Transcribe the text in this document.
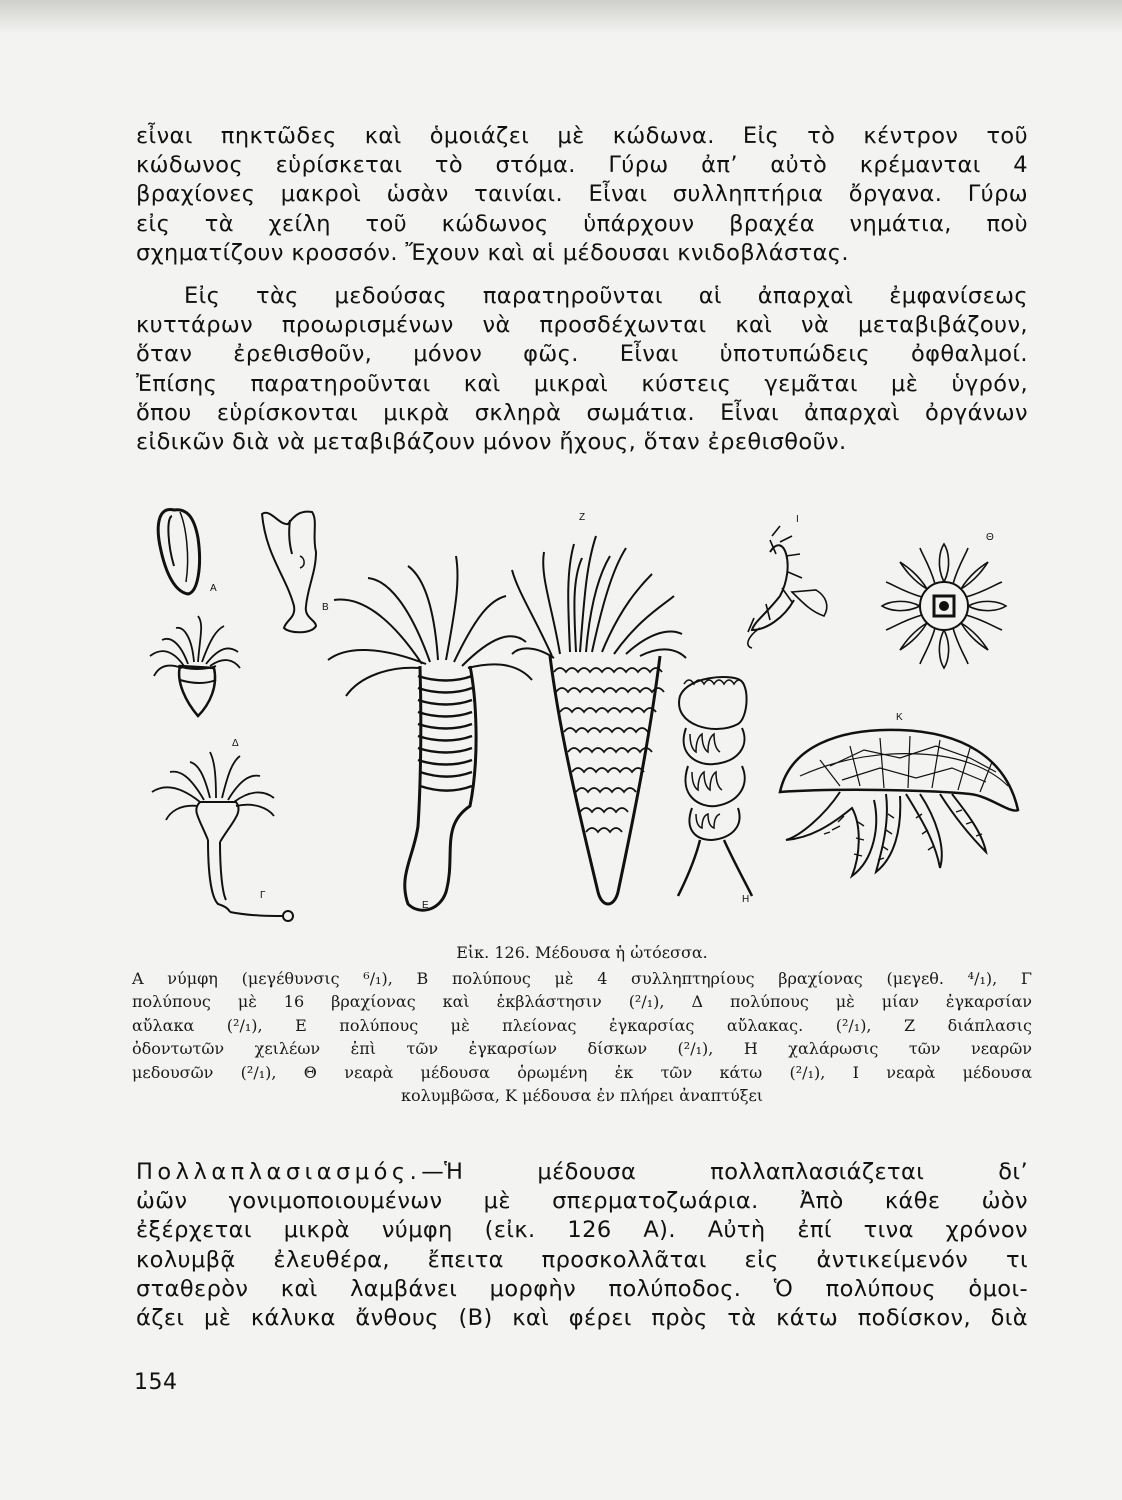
εἶναι πηκτῶδες καὶ ὁμοιάζει μὲ κώδωνα. Εἰς τὸ κέντρον τοῦ
κώδωνος εὑρίσκεται τὸ στόμα. Γύρω ἀπ’ αὐτὸ κρέμανται 4
βραχίονες μακροὶ ὡσὰν ταινίαι. Εἶναι συλληπτήρια ὄργανα. Γύρω
εἰς τὰ χείλη τοῦ κώδωνος ὑπάρχουν βραχέα νημάτια, ποὺ
σχηματίζουν κροσσόν. Ἔχουν καὶ αἱ μέδουσαι κνιδοβλάστας.
Εἰς τὰς μεδούσας παρατηροῦνται αἱ ἀπαρχαὶ ἐμφανίσεως
κυττάρων προωρισμένων νὰ προσδέχωνται καὶ νὰ μεταβιβάζουν,
ὅταν ἐρεθισθοῦν, μόνον φῶς. Εἶναι ὑποτυπώδεις ὀφθαλμοί.
Ἐπίσης παρατηροῦνται καὶ μικραὶ κύστεις γεμᾶται μὲ ὑγρόν,
ὅπου εὑρίσκονται μικρὰ σκληρὰ σωμάτια. Εἶναι ἀπαρχαὶ ὀργάνων
εἰδικῶν διὰ νὰ μεταβιβάζουν μόνον ἤχους, ὅταν ἐρεθισθοῦν.
Α
Β
Δ
Γ
Ε
Ζ
Η
Ι
Θ
Κ
Εἰκ. 126. Μέδουσα ἡ ὠτόεσσα.
Α νύμφη (μεγέθυνσις ⁶/₁), Β πολύπους μὲ 4 συλληπτηρίους βραχίονας (μεγεθ. ⁴/₁), Γ
πολύπους μὲ 16 βραχίονας καὶ ἐκβλάστησιν (²/₁), Δ πολύπους μὲ μίαν ἐγκαρσίαν
αὔλακα (²/₁), Ε πολύπους μὲ πλείονας ἐγκαρσίας αὔλακας. (²/₁), Ζ διάπλασις
ὀδοντωτῶν χειλέων ἐπὶ τῶν ἐγκαρσίων δίσκων (²/₁), Η χαλάρωσις τῶν νεαρῶν
μεδουσῶν (²/₁), Θ νεαρὰ μέδουσα ὁρωμένη ἐκ τῶν κάτω (²/₁), Ι νεαρὰ μέδουσα
κολυμβῶσα, Κ μέδουσα ἐν πλήρει ἀναπτύξει
Πολλαπλασιασμός.—Ἡ μέδουσα πολλαπλασιάζεται δι’
ὠῶν γονιμοποιουμένων μὲ σπερματοζωάρια. Ἀπὸ κάθε ὠὸν
ἐξέρχεται μικρὰ νύμφη (εἰκ. 126 Α). Αὐτὴ ἐπί τινα χρόνον
κολυμβᾷ ἐλευθέρα, ἔπειτα προσκολλᾶται εἰς ἀντικείμενόν τι
σταθερὸν καὶ λαμβάνει μορφὴν πολύποδος. Ὁ πολύπους ὁμοι-
άζει μὲ κάλυκα ἄνθους (Β) καὶ φέρει πρὸς τὰ κάτω ποδίσκον, διὰ
154
